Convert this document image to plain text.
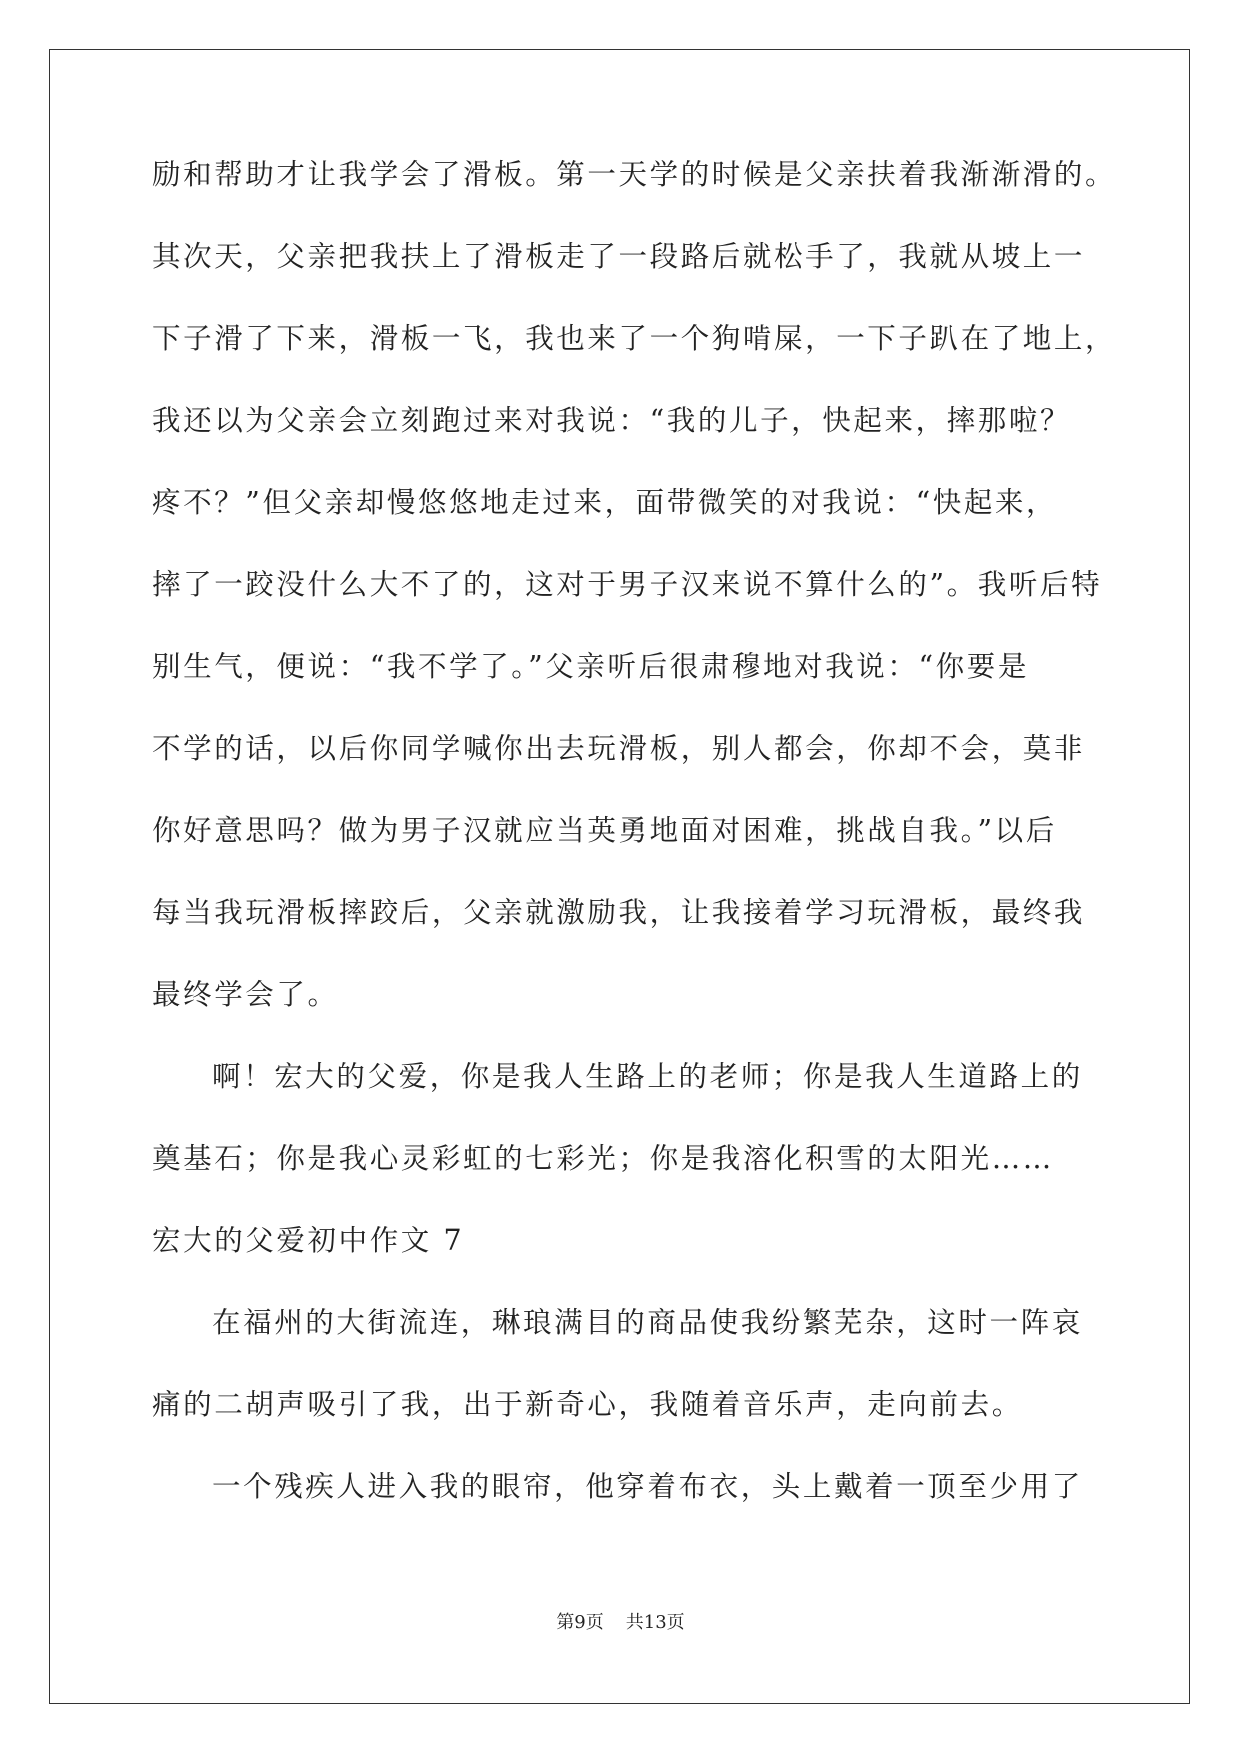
励和帮助才让我学会了滑板。第一天学的时候是父亲扶着我渐渐滑的。
其次天，父亲把我扶上了滑板走了一段路后就松手了，我就从坡上一
下子滑了下来，滑板一飞，我也来了一个狗啃屎，一下子趴在了地上，
我还以为父亲会立刻跑过来对我说：“我的儿子，快起来，摔那啦？
疼不？”但父亲却慢悠悠地走过来，面带微笑的对我说：“快起来，
摔了一跤没什么大不了的，这对于男子汉来说不算什么的”。我听后特
别生气，便说：“我不学了。”父亲听后很肃穆地对我说：“你要是
不学的话，以后你同学喊你出去玩滑板，别人都会，你却不会，莫非
你好意思吗？做为男子汉就应当英勇地面对困难，挑战自我。”以后
每当我玩滑板摔跤后，父亲就激励我，让我接着学习玩滑板，最终我
最终学会了。
啊！宏大的父爱，你是我人生路上的老师；你是我人生道路上的
奠基石；你是我心灵彩虹的七彩光；你是我溶化积雪的太阳光……
宏大的父爱初中作文 7
在福州的大街流连，琳琅满目的商品使我纷繁芜杂，这时一阵哀
痛的二胡声吸引了我，出于新奇心，我随着音乐声，走向前去。
一个残疾人进入我的眼帘，他穿着布衣，头上戴着一顶至少用了
第9页 共13页
